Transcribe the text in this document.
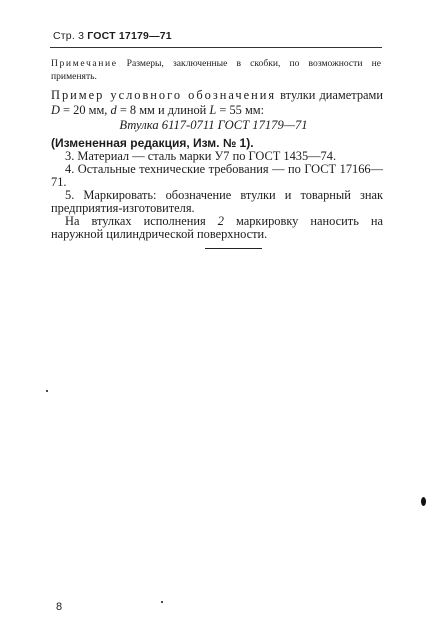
Стр. 3 ГОСТ 17179—71
Примечание Размеры, заключенные в скобки, по возможности не применять.
Пример условного обозначения втулки диаметрами D = 20 мм, d = 8 мм и длиной L = 55 мм:
Втулка 6117-0711 ГОСТ 17179—71
(Измененная редакция, Изм. № 1).

3. Материал — сталь марки У7 по ГОСТ 1435—74.

4. Остальные технические требования — по ГОСТ 17166—71.

5. Маркировать: обозначение втулки и товарный знак предприятия-изготовителя.

На втулках исполнения 2 маркировку наносить на наружной цилиндрической поверхности.

8
